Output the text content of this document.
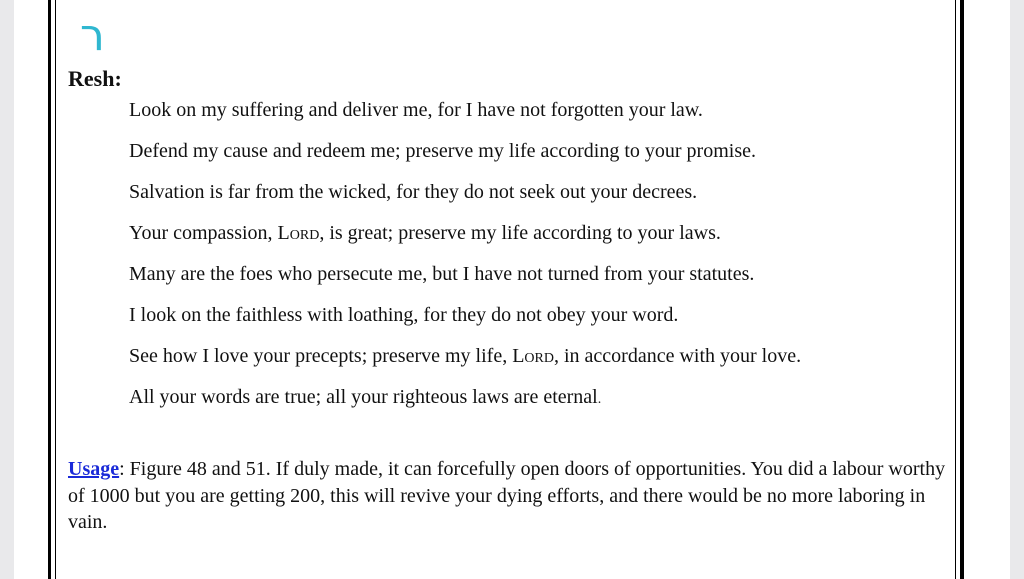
ר
Resh:
Look on my suffering and deliver me, for I have not forgotten your law.
Defend my cause and redeem me; preserve my life according to your promise.
Salvation is far from the wicked, for they do not seek out your decrees.
Your compassion, Lord, is great; preserve my life according to your laws.
Many are the foes who persecute me, but I have not turned from your statutes.
I look on the faithless with loathing, for they do not obey your word.
See how I love your precepts; preserve my life, Lord, in accordance with your love.
All your words are true; all your righteous laws are eternal.
Usage: Figure 48 and 51. If duly made, it can forcefully open doors of opportunities. You did a labour worthy of 1000 but you are getting 200, this will revive your dying efforts, and there would be no more laboring in vain.
